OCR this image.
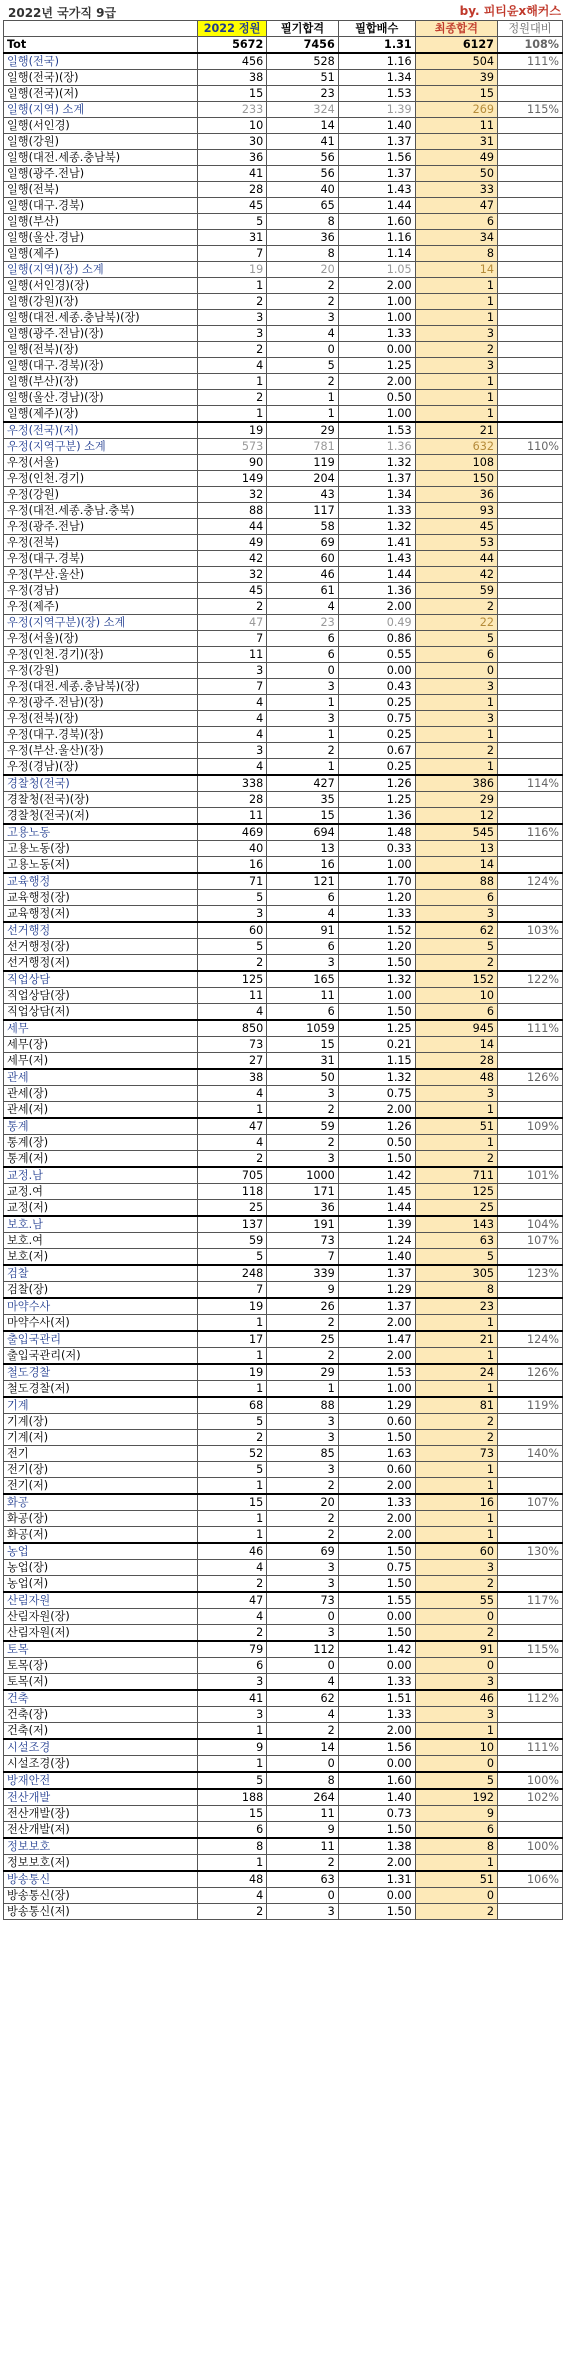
2022년 국가직 9급	by. 피티윤x해커스
	2022 정원	필기합격	필합배수	최종합격	정원대비
Tot	5672	7456	1.31	6127	108%
일행(전국)	456	528	1.16	504	111%
일행(전국)(장)	38	51	1.34	39	
일행(전국)(저)	15	23	1.53	15	
일행(지역) 소계	233	324	1.39	269	115%
일행(서인경)	10	14	1.40	11	
일행(강원)	30	41	1.37	31	
일행(대전.세종.충남북)	36	56	1.56	49	
일행(광주.전남)	41	56	1.37	50	
일행(전북)	28	40	1.43	33	
일행(대구.경북)	45	65	1.44	47	
일행(부산)	5	8	1.60	6	
일행(울산.경남)	31	36	1.16	34	
일행(제주)	7	8	1.14	8	
일행(지역)(장) 소계	19	20	1.05	14	
일행(서인경)(장)	1	2	2.00	1	
일행(강원)(장)	2	2	1.00	1	
일행(대전.세종.충남북)(장)	3	3	1.00	1	
일행(광주.전남)(장)	3	4	1.33	3	
일행(전북)(장)	2	0	0.00	2	
일행(대구.경북)(장)	4	5	1.25	3	
일행(부산)(장)	1	2	2.00	1	
일행(울산.경남)(장)	2	1	0.50	1	
일행(제주)(장)	1	1	1.00	1	
우정(전국)(저)	19	29	1.53	21	
우정(지역구분) 소계	573	781	1.36	632	110%
우정(서울)	90	119	1.32	108	
우정(인천.경기)	149	204	1.37	150	
우정(강원)	32	43	1.34	36	
우정(대전.세종.충남.충북)	88	117	1.33	93	
우정(광주.전남)	44	58	1.32	45	
우정(전북)	49	69	1.41	53	
우정(대구.경북)	42	60	1.43	44	
우정(부산.울산)	32	46	1.44	42	
우정(경남)	45	61	1.36	59	
우정(제주)	2	4	2.00	2	
우정(지역구분)(장) 소계	47	23	0.49	22	
우정(서울)(장)	7	6	0.86	5	
우정(인천.경기)(장)	11	6	0.55	6	
우정(강원)	3	0	0.00	0	
우정(대전.세종.충남북)(장)	7	3	0.43	3	
우정(광주.전남)(장)	4	1	0.25	1	
우정(전북)(장)	4	3	0.75	3	
우정(대구.경북)(장)	4	1	0.25	1	
우정(부산.울산)(장)	3	2	0.67	2	
우정(경남)(장)	4	1	0.25	1	
경찰청(전국)	338	427	1.26	386	114%
경찰청(전국)(장)	28	35	1.25	29	
경찰청(전국)(저)	11	15	1.36	12	
고용노동	469	694	1.48	545	116%
고용노동(장)	40	13	0.33	13	
고용노동(저)	16	16	1.00	14	
교육행정	71	121	1.70	88	124%
교육행정(장)	5	6	1.20	6	
교육행정(저)	3	4	1.33	3	
선거행정	60	91	1.52	62	103%
선거행정(장)	5	6	1.20	5	
선거행정(저)	2	3	1.50	2	
직업상담	125	165	1.32	152	122%
직업상담(장)	11	11	1.00	10	
직업상담(저)	4	6	1.50	6	
세무	850	1059	1.25	945	111%
세무(장)	73	15	0.21	14	
세무(저)	27	31	1.15	28	
관세	38	50	1.32	48	126%
관세(장)	4	3	0.75	3	
관세(저)	1	2	2.00	1	
통계	47	59	1.26	51	109%
통계(장)	4	2	0.50	1	
통계(저)	2	3	1.50	2	
교정.남	705	1000	1.42	711	101%
교정.여	118	171	1.45	125	
교정(저)	25	36	1.44	25	
보호.남	137	191	1.39	143	104%
보호.여	59	73	1.24	63	107%
보호(저)	5	7	1.40	5	
검찰	248	339	1.37	305	123%
검찰(장)	7	9	1.29	8	
마약수사	19	26	1.37	23	
마약수사(저)	1	2	2.00	1	
출입국관리	17	25	1.47	21	124%
출입국관리(저)	1	2	2.00	1	
철도경찰	19	29	1.53	24	126%
철도경찰(저)	1	1	1.00	1	
기계	68	88	1.29	81	119%
기계(장)	5	3	0.60	2	
기계(저)	2	3	1.50	2	
전기	52	85	1.63	73	140%
전기(장)	5	3	0.60	1	
전기(저)	1	2	2.00	1	
화공	15	20	1.33	16	107%
화공(장)	1	2	2.00	1	
화공(저)	1	2	2.00	1	
농업	46	69	1.50	60	130%
농업(장)	4	3	0.75	3	
농업(저)	2	3	1.50	2	
산림자원	47	73	1.55	55	117%
산림자원(장)	4	0	0.00	0	
산림자원(저)	2	3	1.50	2	
토목	79	112	1.42	91	115%
토목(장)	6	0	0.00	0	
토목(저)	3	4	1.33	3	
건축	41	62	1.51	46	112%
건축(장)	3	4	1.33	3	
건축(저)	1	2	2.00	1	
시설조경	9	14	1.56	10	111%
시설조경(장)	1	0	0.00	0	
방재안전	5	8	1.60	5	100%
전산개발	188	264	1.40	192	102%
전산개발(장)	15	11	0.73	9	
전산개발(저)	6	9	1.50	6	
정보보호	8	11	1.38	8	100%
정보보호(저)	1	2	2.00	1	
방송통신	48	63	1.31	51	106%
방송통신(장)	4	0	0.00	0	
방송통신(저)	2	3	1.50	2	
